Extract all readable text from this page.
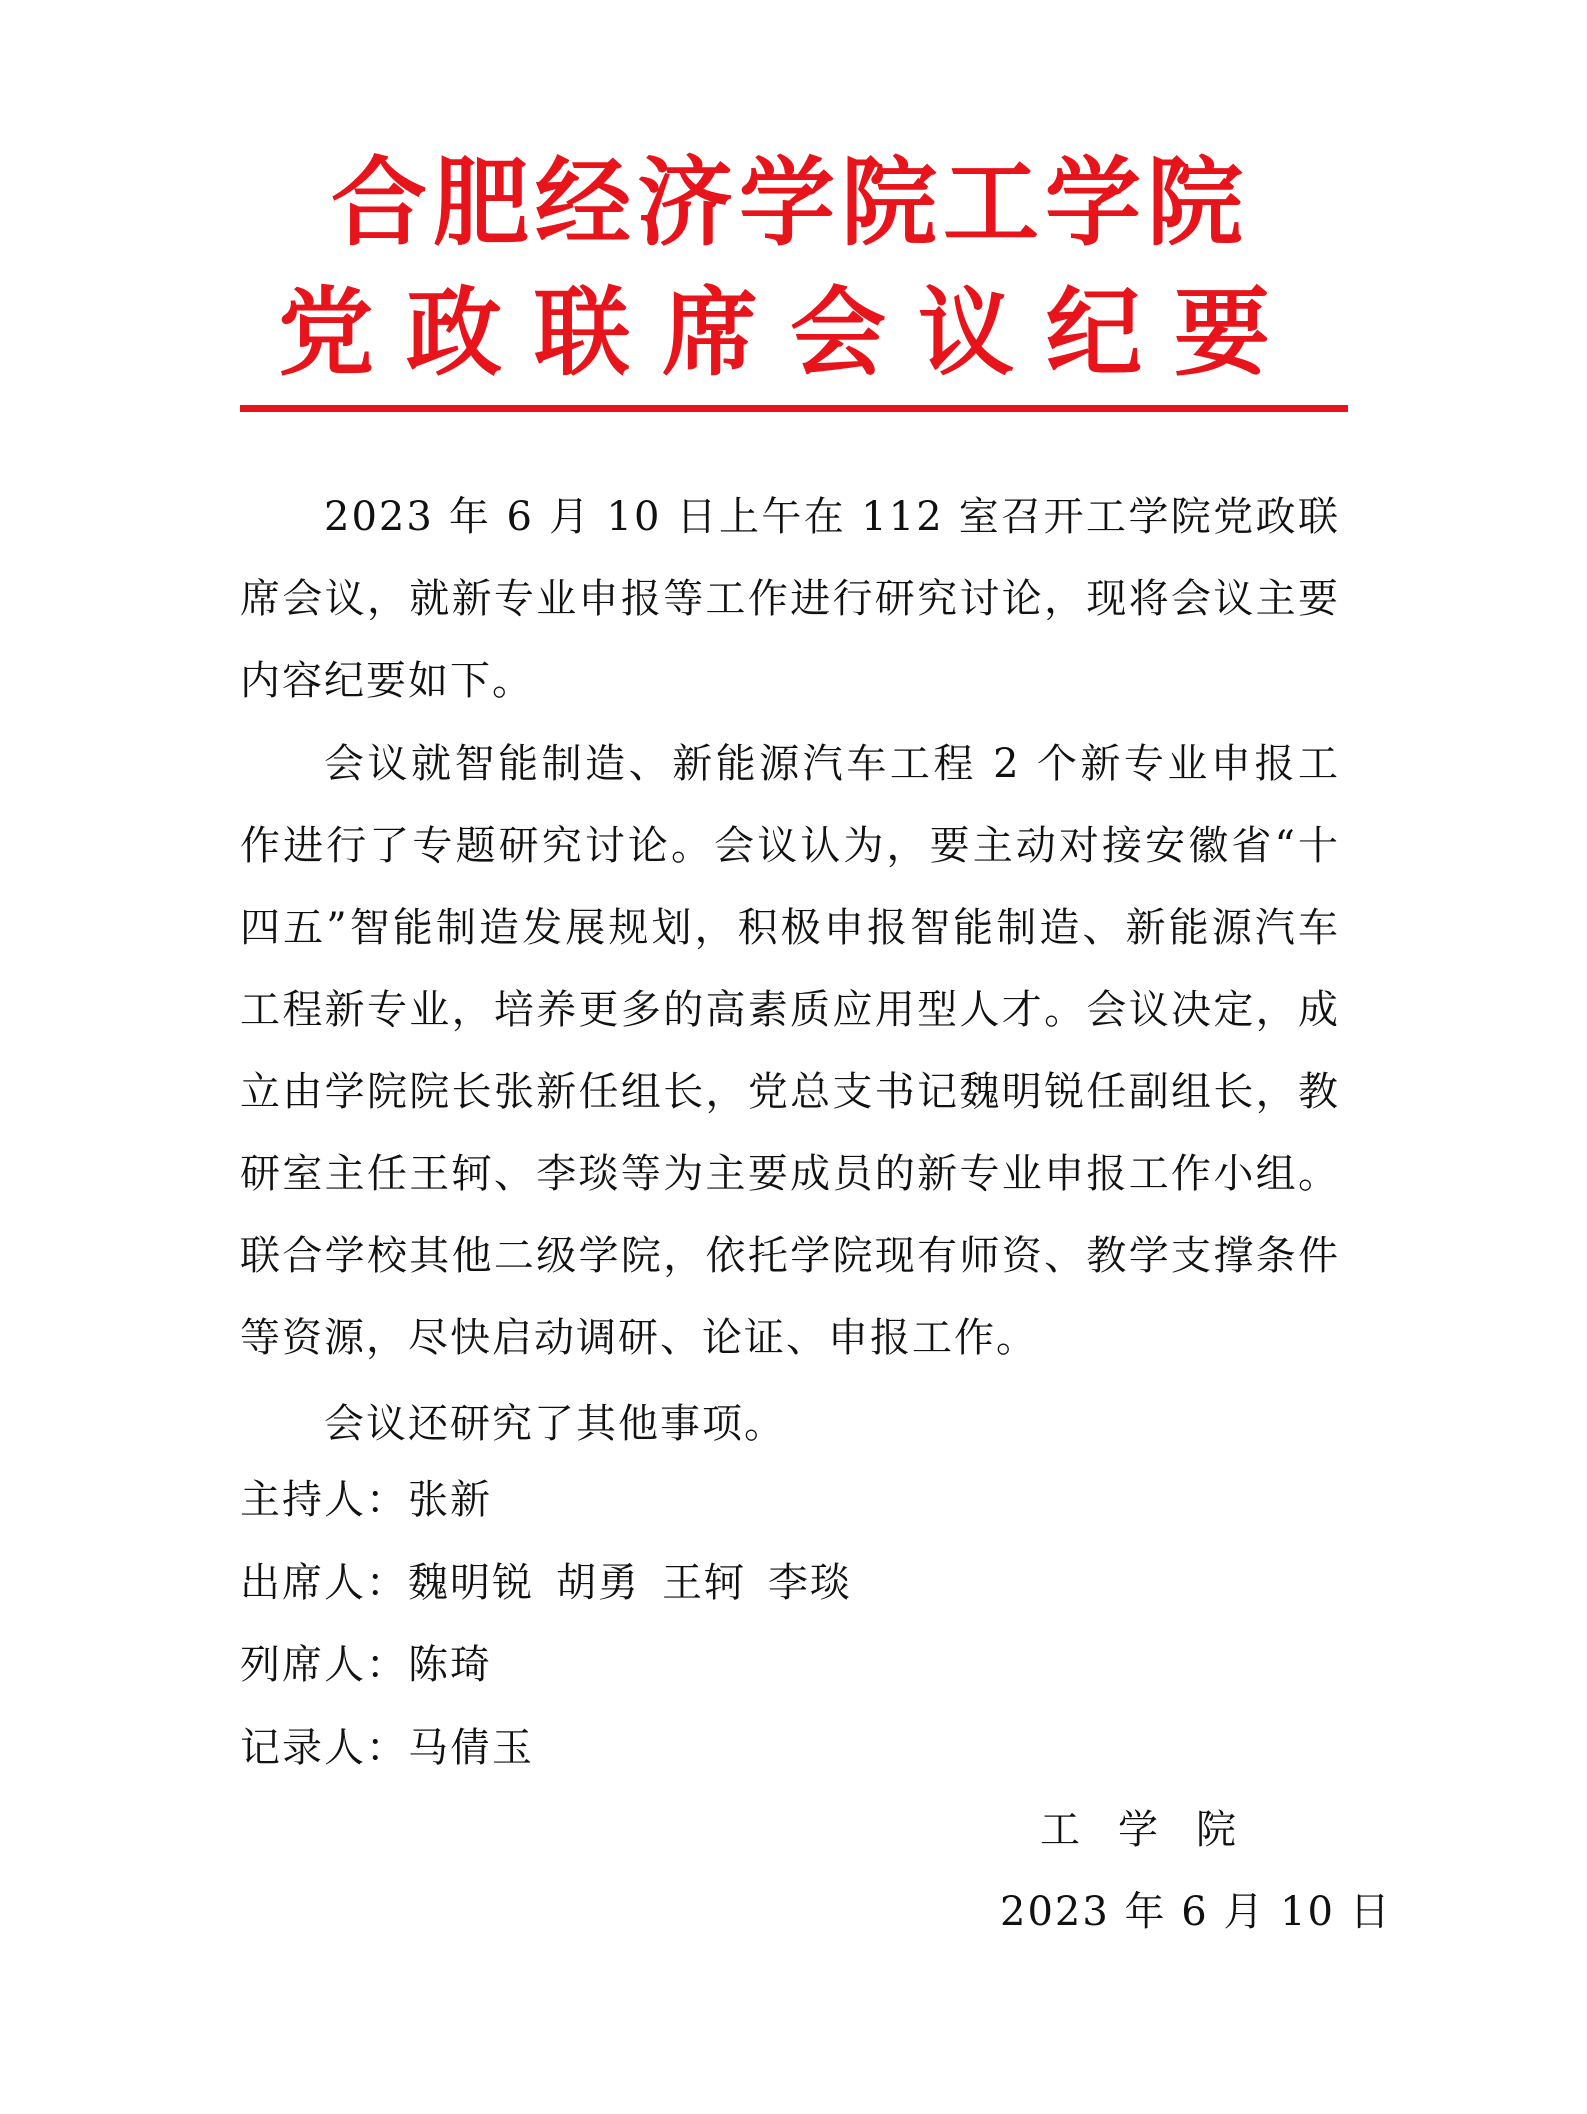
合肥经济学院工学院
党政联席会议纪要
2023 年 6 月 10 日上午在 112 室召开工学院党政联席会议，就新专业申报等工作进行研究讨论，现将会议主要内容纪要如下。
会议就智能制造、新能源汽车工程 2 个新专业申报工作进行了专题研究讨论。会议认为，要主动对接安徽省“十四五”智能制造发展规划，积极申报智能制造、新能源汽车工程新专业，培养更多的高素质应用型人才。会议决定，成立由学院院长张新任组长，党总支书记魏明锐任副组长，教研室主任王轲、李琰等为主要成员的新专业申报工作小组。联合学校其他二级学院，依托学院现有师资、教学支撑条件等资源，尽快启动调研、论证、申报工作。
会议还研究了其他事项。
主持人：张新
出席人：魏明锐 胡勇 王轲 李琰
列席人：陈琦
记录人：马倩玉
工学院
2023 年 6 月 10 日
